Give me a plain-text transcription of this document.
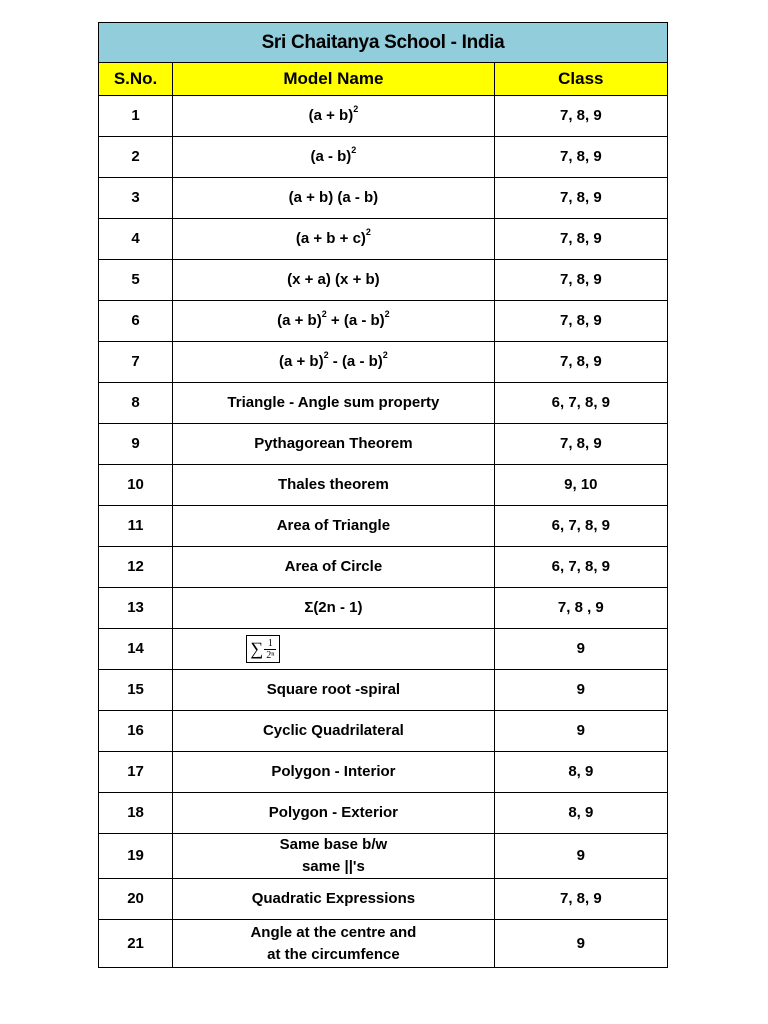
Sri Chaitanya School - India		
S.No.	Model Name	Class
1	$(a + b)^2$	7, 8, 9
2	(a - b)$^2$	7, 8, 9
3	(a + b) (a - b)	7, 8, 9
4	$(a + b + c)^2$	7, 8, 9
5	(x + a) (x + b)	7, 8, 9
6	$(a + b)^2 + (a - b)^2$	7, 8, 9
7	$(a + b)^2 - (a - b)^2$	7, 8, 9
8	Triangle - Angle sum property	6, 7, 8, 9
9	Pythagorean Theorem	7, 8, 9
10	Thales theorem	9, 10
11	Area of Triangle	6, 7, 8, 9
12	Area of Circle	6, 7, 8, 9
13	Σ(2n - 1)	7, 8 , 9
14	∑ $\frac{1}{\text{2ⁿ}}$	9
15	Square root -spiral	9
16	Cyclic Quadrilateral	9
17	Polygon - Interior	8, 9
18	Polygon - Exterior	8, 9
19	Same base b/w
same ||'s	9
20	Quadratic Expressions	7, 8, 9
21	Angle at the centre and
at the circumfence	9
